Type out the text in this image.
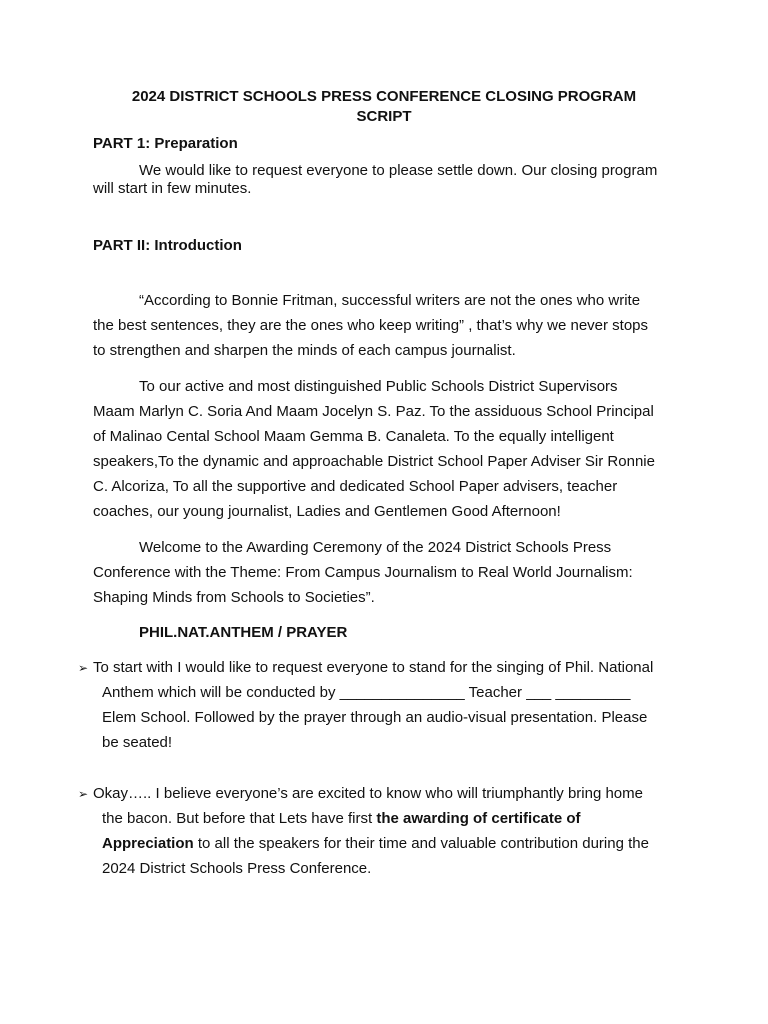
2024 DISTRICT SCHOOLS PRESS CONFERENCE CLOSING PROGRAM
SCRIPT
PART 1: Preparation
We would like to request everyone to please settle down. Our closing program
will start in few minutes.
PART II: Introduction
“According to Bonnie Fritman, successful writers are not the ones who write
the best sentences, they are the ones who keep writing” , that’s why we never stops
to strengthen and sharpen the minds of each campus journalist.
To our active and most distinguished Public Schools District Supervisors
Maam Marlyn C. Soria And Maam Jocelyn S. Paz. To the assiduous School Principal
of Malinao Cental School Maam Gemma B. Canaleta. To the equally intelligent
speakers,To the dynamic and approachable District School Paper Adviser Sir Ronnie
C. Alcoriza, To all the supportive and dedicated School Paper advisers, teacher
coaches, our young journalist, Ladies and Gentlemen Good Afternoon!
Welcome to the Awarding Ceremony of the 2024 District Schools Press
Conference with the Theme: From Campus Journalism to Real World Journalism:
Shaping Minds from Schools to Societies”.
PHIL.NAT.ANTHEM / PRAYER
➢ To start with I would like to request everyone to stand for the singing of Phil. National
Anthem which will be conducted by _______________ Teacher ___ _________
Elem School. Followed by the prayer through an audio-visual presentation. Please
be seated!
➢ Okay….. I believe everyone’s are excited to know who will triumphantly bring home
the bacon. But before that Lets have first the awarding of certificate of
Appreciation to all the speakers for their time and valuable contribution during the
2024 District Schools Press Conference.
